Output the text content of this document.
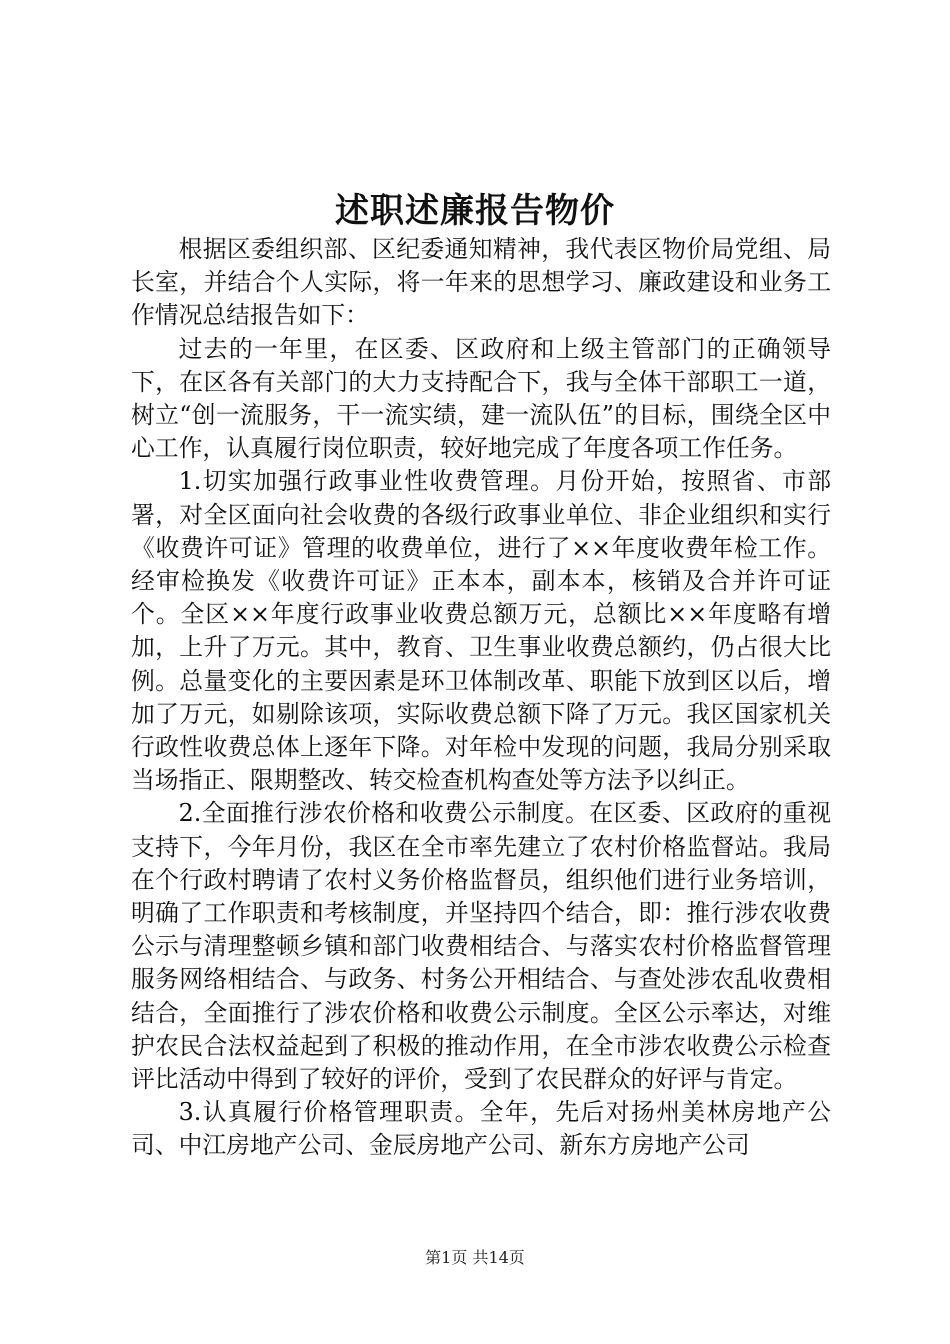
述职述廉报告物价

根据区委组织部、区纪委通知精神，我代表区物价局党组、局长室，并结合个人实际，将一年来的思想学习、廉政建设和业务工作情况总结报告如下：

过去的一年里，在区委、区政府和上级主管部门的正确领导下，在区各有关部门的大力支持配合下，我与全体干部职工一道，树立“创一流服务，干一流实绩，建一流队伍”的目标，围绕全区中心工作，认真履行岗位职责，较好地完成了年度各项工作任务。

1.切实加强行政事业性收费管理。月份开始，按照省、市部署，对全区面向社会收费的各级行政事业单位、非企业组织和实行《收费许可证》管理的收费单位，进行了××年度收费年检工作。经审检换发《收费许可证》正本本，副本本，核销及合并许可证个。全区××年度行政事业收费总额万元，总额比××年度略有增加，上升了万元。其中，教育、卫生事业收费总额约，仍占很大比例。总量变化的主要因素是环卫体制改革、职能下放到区以后，增加了万元，如剔除该项，实际收费总额下降了万元。我区国家机关行政性收费总体上逐年下降。对年检中发现的问题，我局分别采取当场指正、限期整改、转交检查机构查处等方法予以纠正。

2.全面推行涉农价格和收费公示制度。在区委、区政府的重视支持下，今年月份，我区在全市率先建立了农村价格监督站。我局在个行政村聘请了农村义务价格监督员，组织他们进行业务培训，明确了工作职责和考核制度，并坚持四个结合，即：推行涉农收费公示与清理整顿乡镇和部门收费相结合、与落实农村价格监督管理服务网络相结合、与政务、村务公开相结合、与查处涉农乱收费相结合，全面推行了涉农价格和收费公示制度。全区公示率达，对维护农民合法权益起到了积极的推动作用，在全市涉农收费公示检查评比活动中得到了较好的评价，受到了农民群众的好评与肯定。

3.认真履行价格管理职责。全年，先后对扬州美林房地产公司、中江房地产公司、金辰房地产公司、新东方房地产公司

第1页 共14页
